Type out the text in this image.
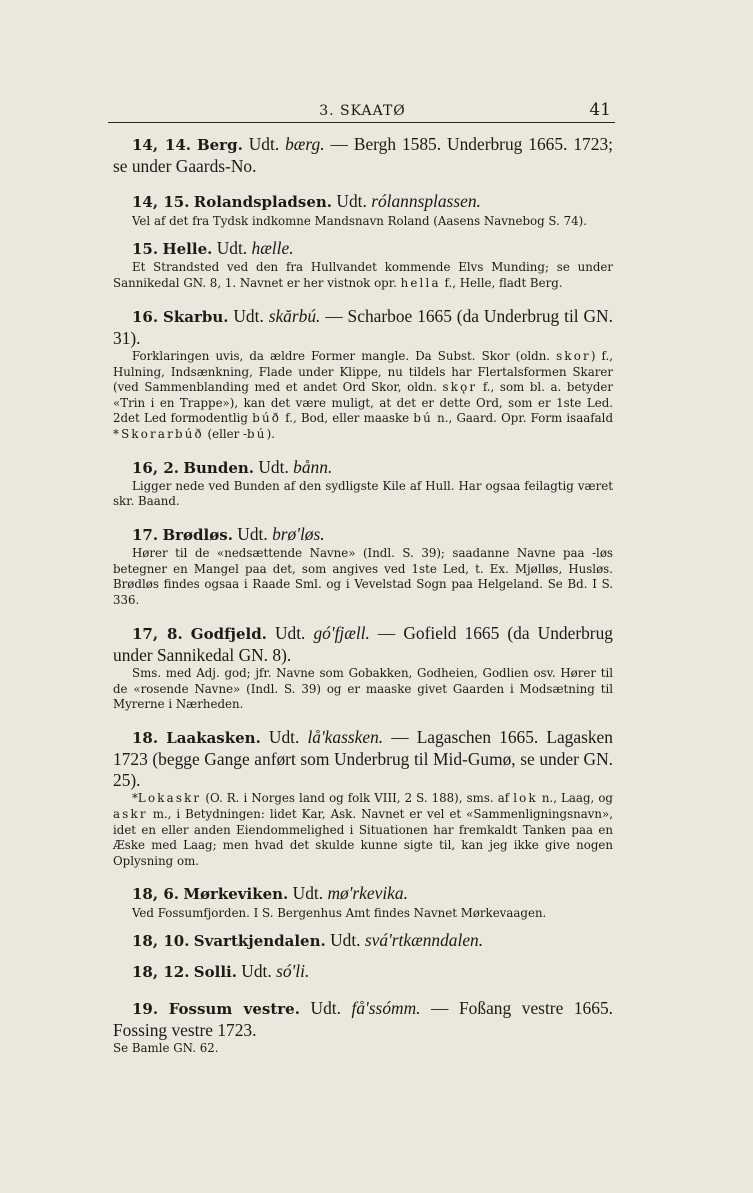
3. SKAATØ	41

14, 14. Berg. Udt. bærg. — Bergh 1585. Underbrug 1665. 1723; se under Gaards-No.

14, 15. Rolandspladsen. Udt. rólannsplassen.

Vel af det fra Tydsk indkomne Mandsnavn Roland (Aasens Navnebog S. 74).

15. Helle. Udt. hælle.

Et Strandsted ved den fra Hullvandet kommende Elvs Munding; se under Sannikedal GN. 8, 1. Navnet er her vistnok opr. hella f., Helle, fladt Berg.

16. Skarbu. Udt. skărbú. — Scharboe 1665 (da Underbrug til GN. 31).

Forklaringen uvis, da ældre Former mangle. Da Subst. Skor (oldn. skor) f., Hulning, Indsænkning, Flade under Klippe, nu tildels har Flertalsformen Skarer (ved Sammenblanding med et andet Ord Skor, oldn. skǫr f., som bl. a. betyder «Trin i en Trappe»), kan det være muligt, at det er dette Ord, som er 1ste Led. 2det Led formodentlig búð f., Bod, eller maaske bú n., Gaard. Opr. Form isaafald *Skorarbúð (eller -bú).

16, 2. Bunden. Udt. bånn.

Ligger nede ved Bunden af den sydligste Kile af Hull. Har ogsaa feilagtig været skr. Baand.

17. Brødløs. Udt. brø'løs.

Hører til de «nedsættende Navne» (Indl. S. 39); saadanne Navne paa -løs betegner en Mangel paa det, som angives ved 1ste Led, t. Ex. Mjølløs, Husløs. Brødløs findes ogsaa i Raade Sml. og i Vevelstad Sogn paa Helgeland. Se Bd. I S. 336.

17, 8. Godfjeld. Udt. gó'fjæll. — Gofield 1665 (da Underbrug under Sannikedal GN. 8).

Sms. med Adj. god; jfr. Navne som Gobakken, Godheien, Godlien osv. Hører til de «rosende Navne» (Indl. S. 39) og er maaske givet Gaarden i Modsætning til Myrerne i Nærheden.

18. Laakasken. Udt. lå'kassken. — Lagaschen 1665. Lagasken 1723 (begge Gange anført som Underbrug til Mid-Gumø, se under GN. 25).

*Lokaskr (O. R. i Norges land og folk VIII, 2 S. 188), sms. af lok n., Laag, og askr m., i Betydningen: lidet Kar, Ask. Navnet er vel et «Sammenligningsnavn», idet en eller anden Eiendommelighed i Situationen har fremkaldt Tanken paa en Æske med Laag; men hvad det skulde kunne sigte til, kan jeg ikke give nogen Oplysning om.

18, 6. Mørkeviken. Udt. mø'rkevika.

Ved Fossumfjorden. I S. Bergenhus Amt findes Navnet Mørkevaagen.

18, 10. Svartkjendalen. Udt. svá'rtkænndalen.

18, 12. Solli. Udt. só'li.

19. Fossum vestre. Udt. få'ssómm. — Foßang vestre 1665. Fossing vestre 1723.

Se Bamle GN. 62.
